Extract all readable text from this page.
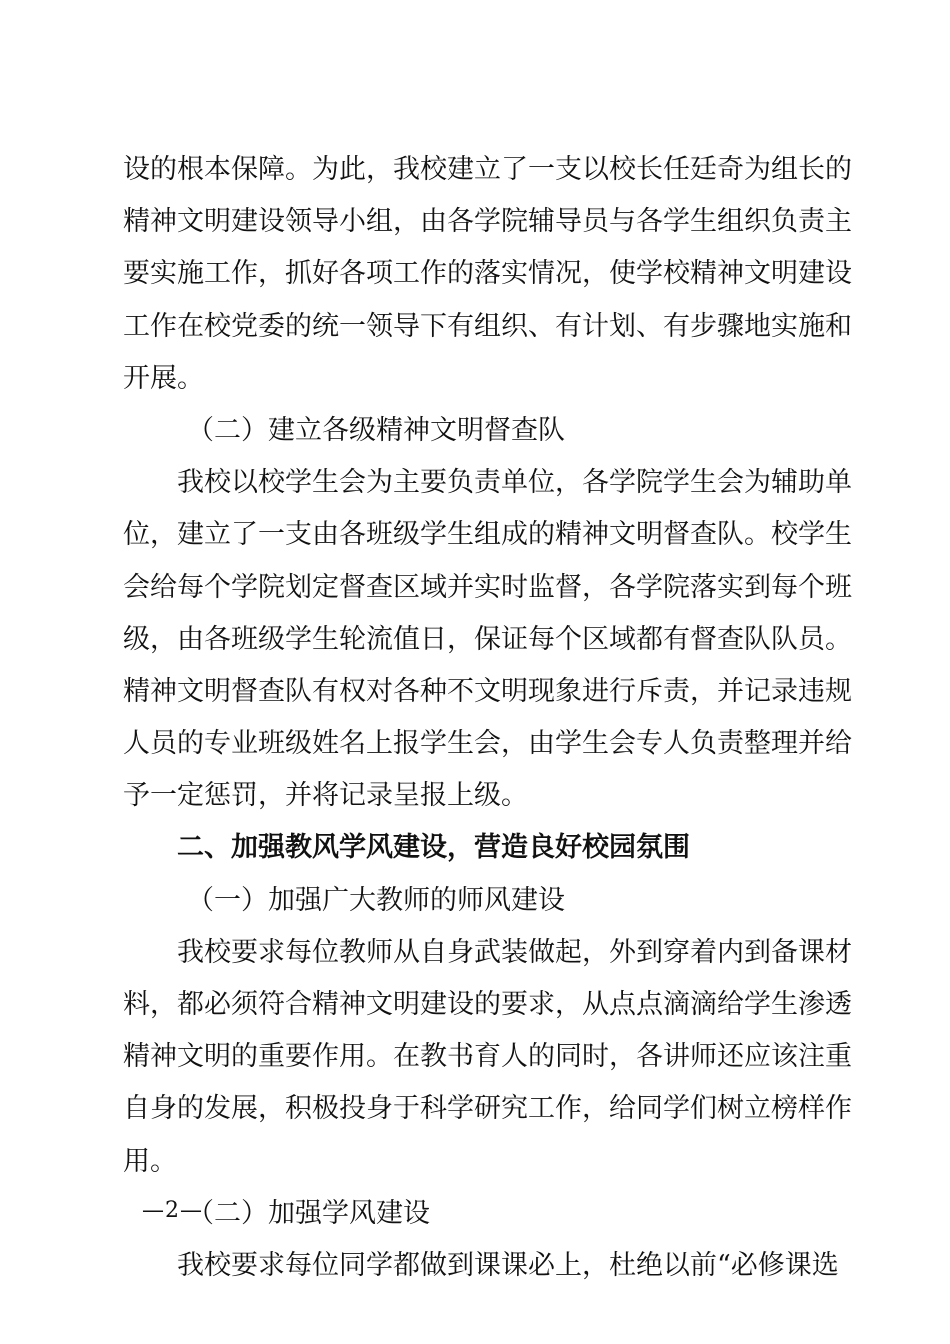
设的根本保障。为此，我校建立了一支以校长任廷奇为组长的
精神文明建设领导小组，由各学院辅导员与各学生组织负责主
要实施工作，抓好各项工作的落实情况，使学校精神文明建设
工作在校党委的统一领导下有组织、有计划、有步骤地实施和
开展。
（二）建立各级精神文明督查队
我校以校学生会为主要负责单位，各学院学生会为辅助单
位，建立了一支由各班级学生组成的精神文明督查队。校学生
会给每个学院划定督查区域并实时监督，各学院落实到每个班
级，由各班级学生轮流值日，保证每个区域都有督查队队员。
精神文明督查队有权对各种不文明现象进行斥责，并记录违规
人员的专业班级姓名上报学生会，由学生会专人负责整理并给
予一定惩罚，并将记录呈报上级。
二、加强教风学风建设，营造良好校园氛围
（一）加强广大教师的师风建设
我校要求每位教师从自身武装做起，外到穿着内到备课材
料，都必须符合精神文明建设的要求，从点点滴滴给学生渗透
精神文明的重要作用。在教书育人的同时，各讲师还应该注重
自身的发展，积极投身于科学研究工作，给同学们树立榜样作
用。
（二）加强学风建设
我校要求每位同学都做到课课必上，杜绝以前“必修课选
—2—
